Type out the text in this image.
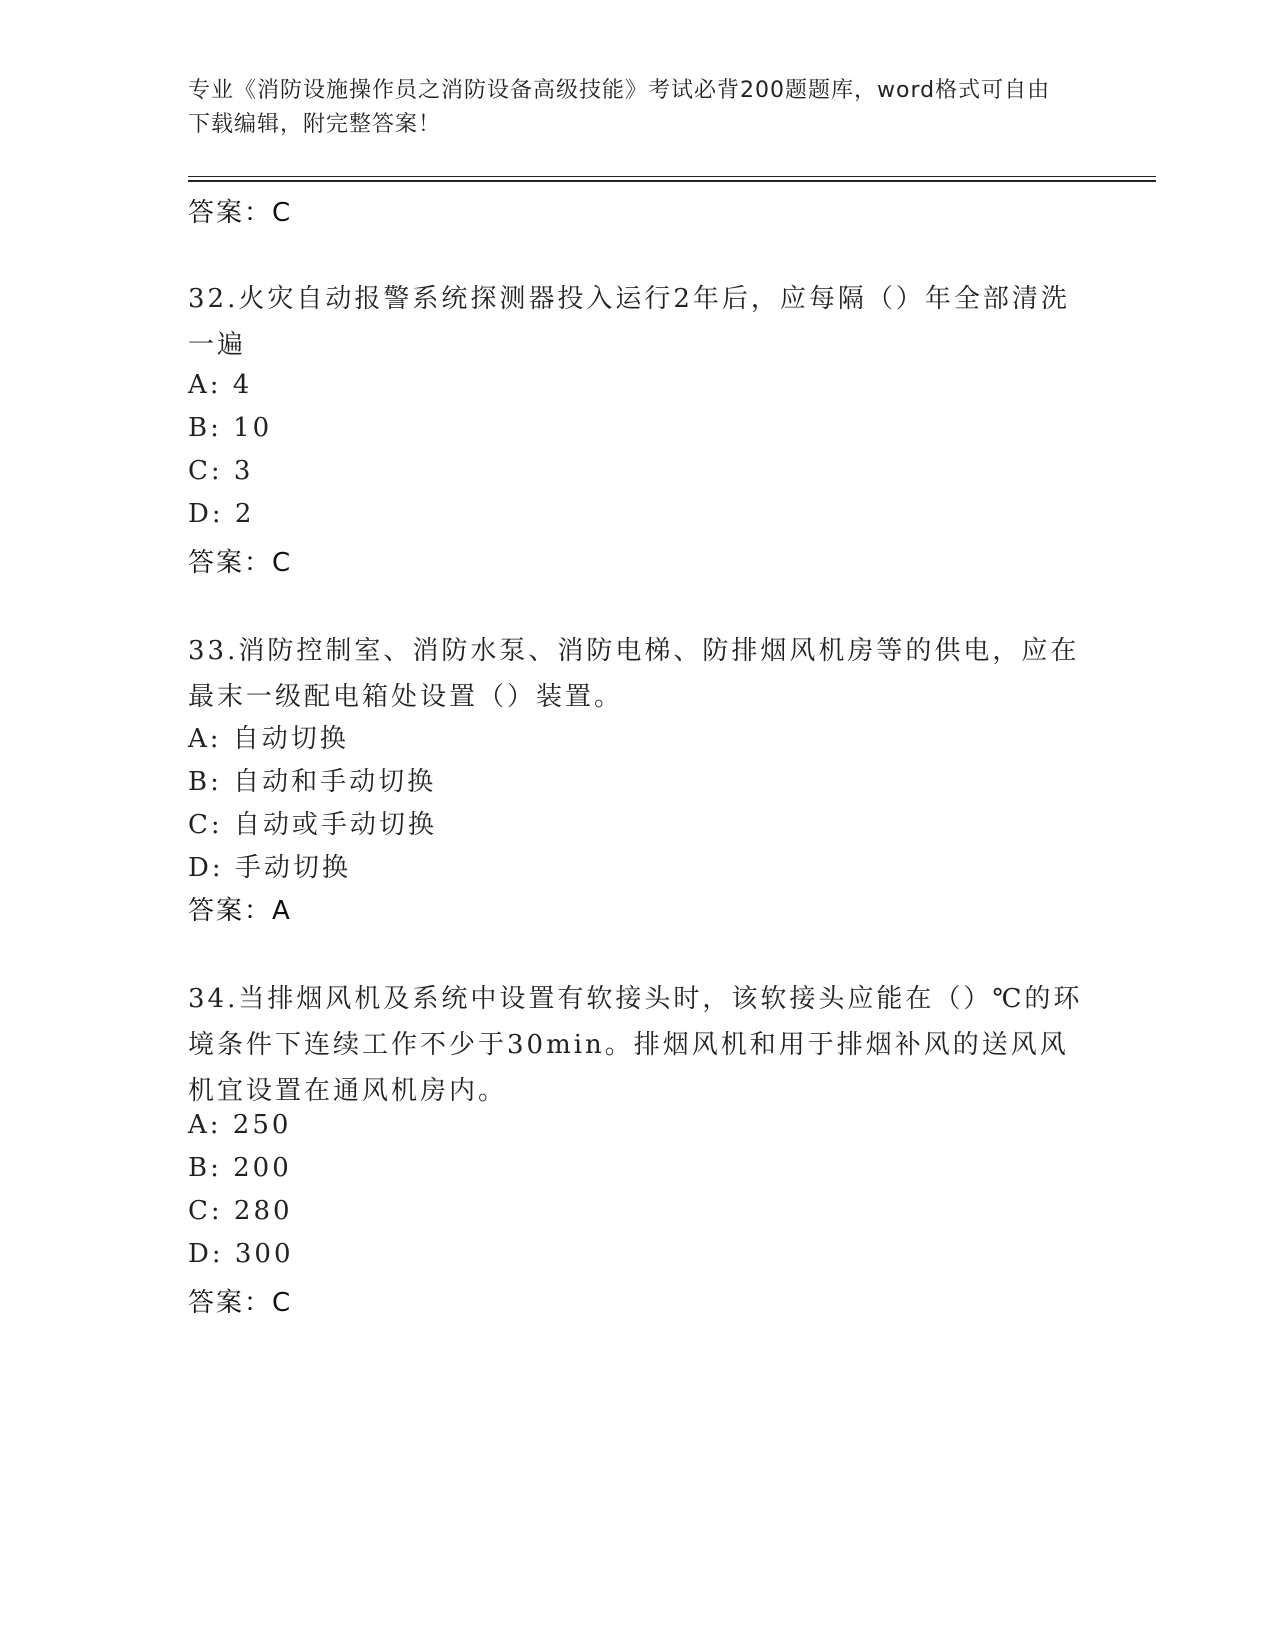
专业《消防设施操作员之消防设备高级技能》考试必背200题题库，word格式可自由下载编辑，附完整答案！
答案：C
32.火灾自动报警系统探测器投入运行2年后，应每隔（）年全部清洗一遍
A: 4
B: 10
C: 3
D: 2
答案：C
33.消防控制室、消防水泵、消防电梯、防排烟风机房等的供电，应在最末一级配电箱处设置（）装置。
A: 自动切换
B: 自动和手动切换
C: 自动或手动切换
D: 手动切换
答案：A
34.当排烟风机及系统中设置有软接头时，该软接头应能在（）℃的环境条件下连续工作不少于30min。排烟风机和用于排烟补风的送风风机宜设置在通风机房内。
A: 250
B: 200
C: 280
D: 300
答案：C
